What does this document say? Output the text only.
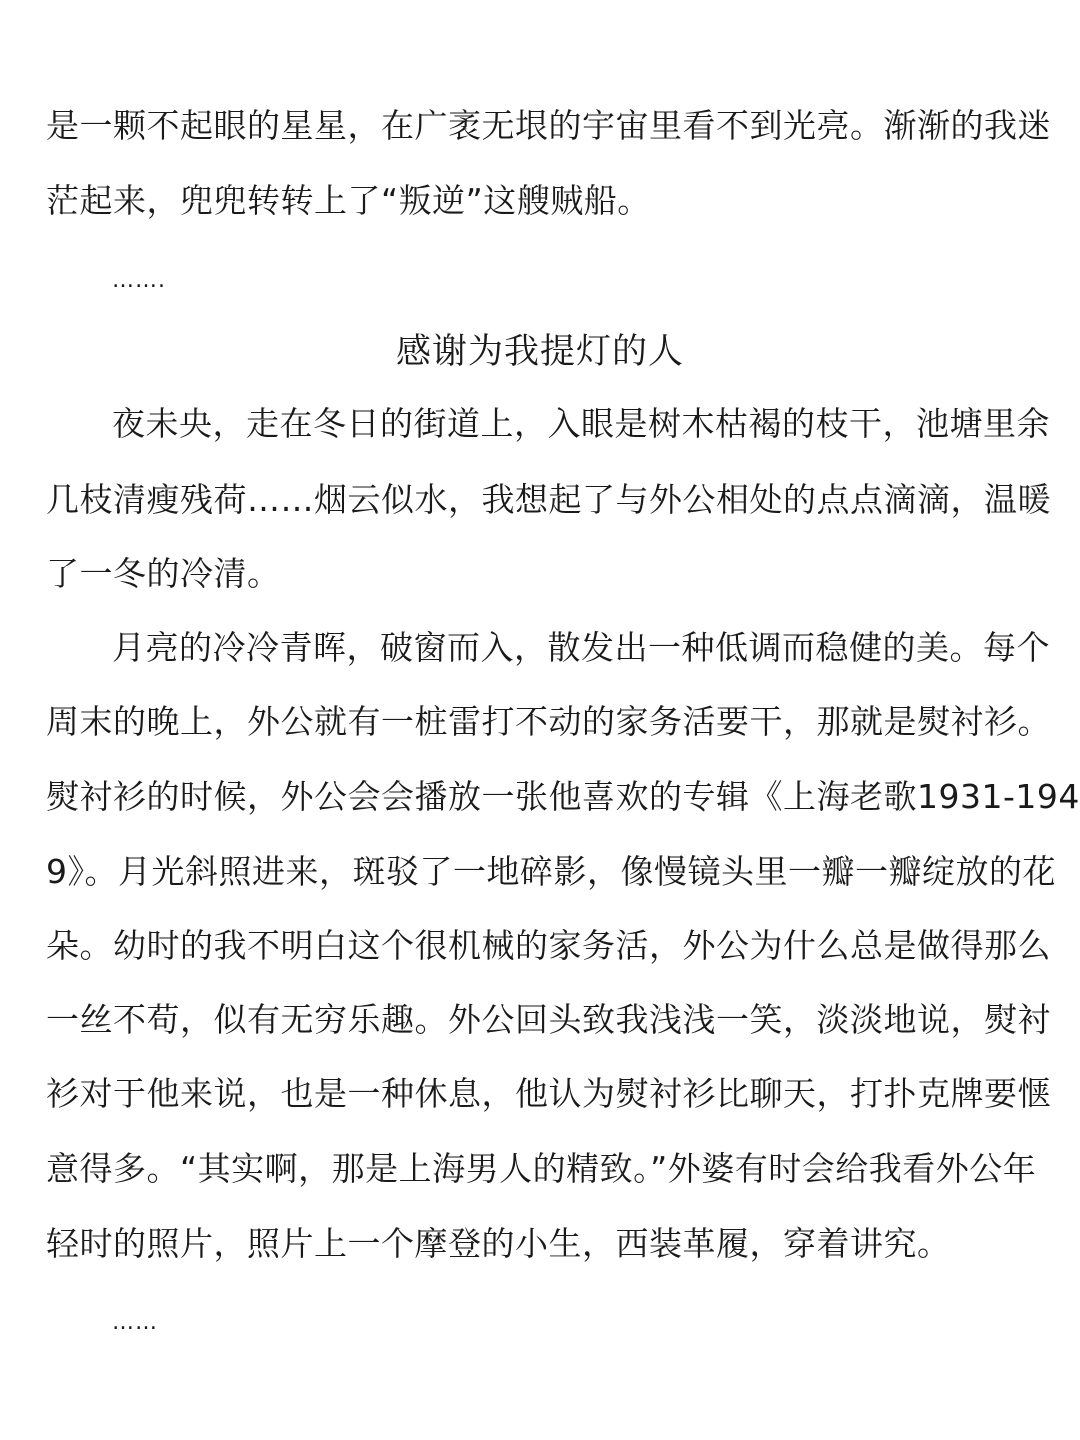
是一颗不起眼的星星，在广袤无垠的宇宙里看不到光亮。渐渐的我迷
茫起来，兜兜转转上了“叛逆”这艘贼船。
…….
感谢为我提灯的人
夜未央，走在冬日的街道上，入眼是树木枯褐的枝干，池塘里余
几枝清瘦残荷……烟云似水，我想起了与外公相处的点点滴滴，温暖
了一冬的冷清。
月亮的冷冷青晖，破窗而入，散发出一种低调而稳健的美。每个
周末的晚上，外公就有一桩雷打不动的家务活要干，那就是熨衬衫。
熨衬衫的时候，外公会会播放一张他喜欢的专辑《上海老歌1931-194
9》。月光斜照进来，斑驳了一地碎影，像慢镜头里一瓣一瓣绽放的花
朵。幼时的我不明白这个很机械的家务活，外公为什么总是做得那么
一丝不苟，似有无穷乐趣。外公回头致我浅浅一笑，淡淡地说，熨衬
衫对于他来说，也是一种休息，他认为熨衬衫比聊天，打扑克牌要惬
意得多。“其实啊，那是上海男人的精致。”外婆有时会给我看外公年
轻时的照片，照片上一个摩登的小生，西装革履，穿着讲究。
……
